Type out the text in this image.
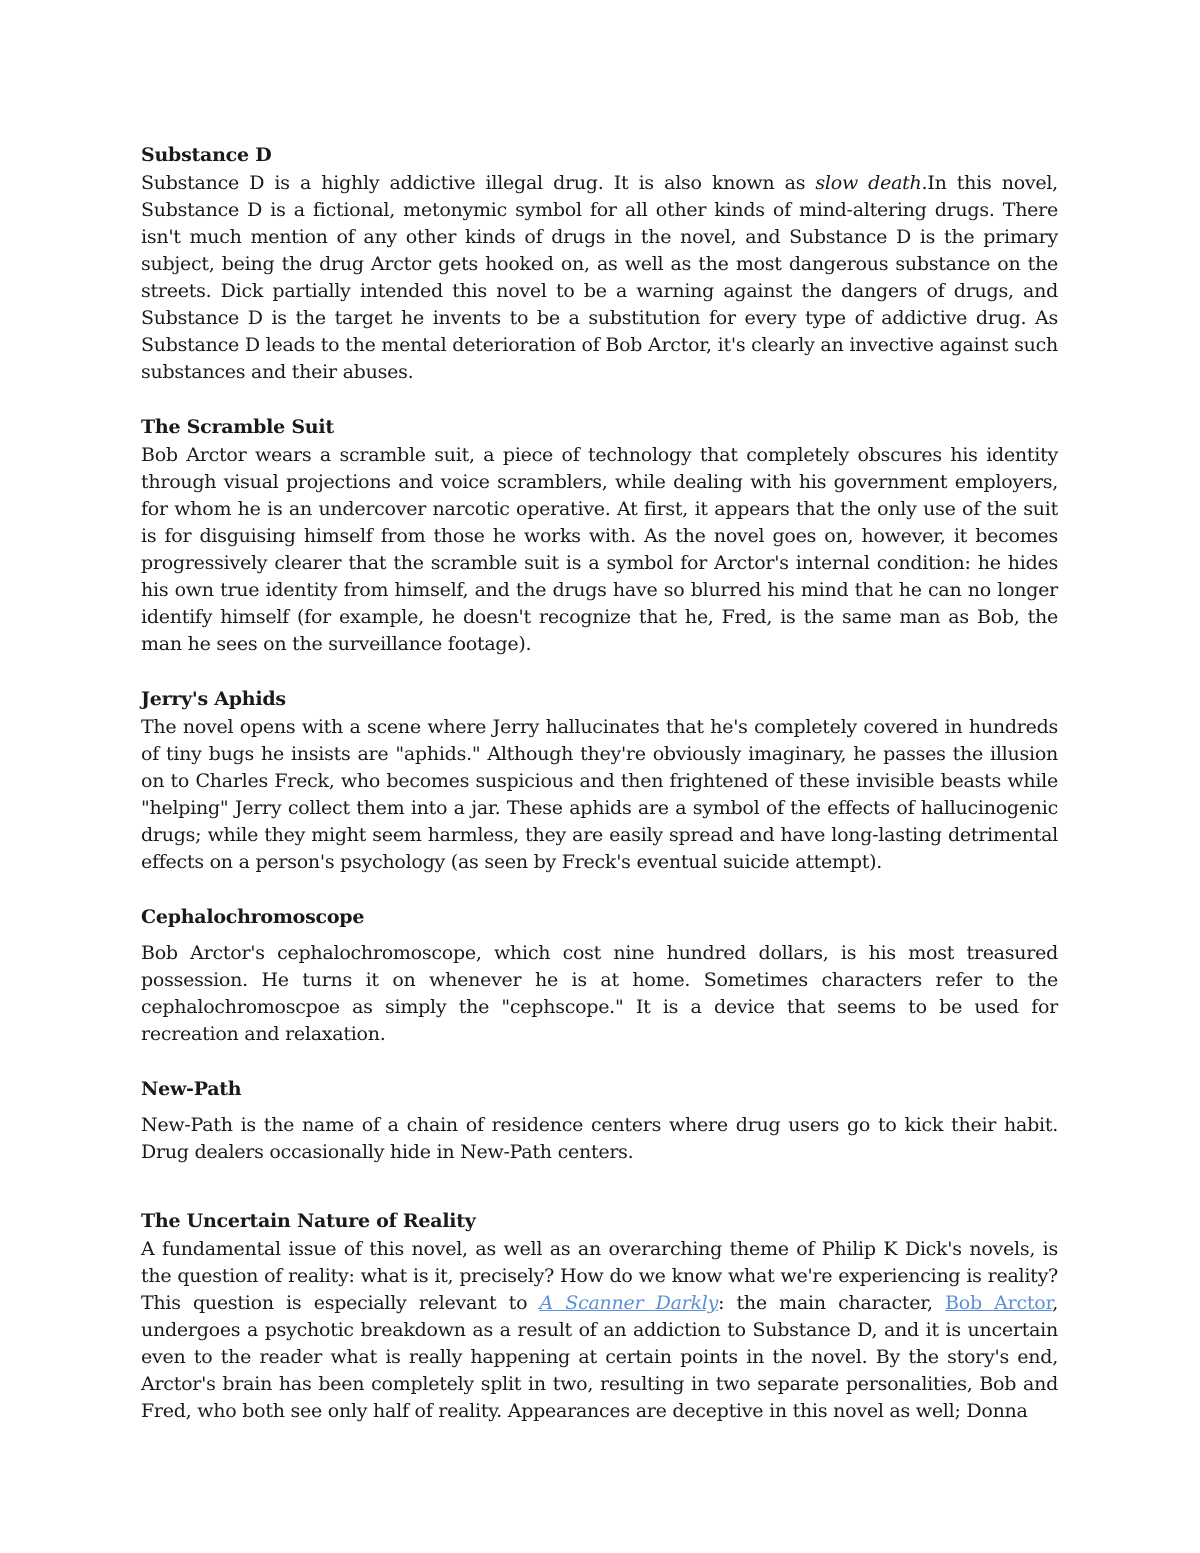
Substance D

Substance D is a highly addictive illegal drug. It is also known as slow death.In this novel, Substance D is a fictional, metonymic symbol for all other kinds of mind-altering drugs. There isn't much mention of any other kinds of drugs in the novel, and Substance D is the primary subject, being the drug Arctor gets hooked on, as well as the most dangerous substance on the streets. Dick partially intended this novel to be a warning against the dangers of drugs, and Substance D is the target he invents to be a substitution for every type of addictive drug. As Substance D leads to the mental deterioration of Bob Arctor, it's clearly an invective against such substances and their abuses.

The Scramble Suit

Bob Arctor wears a scramble suit, a piece of technology that completely obscures his identity through visual projections and voice scramblers, while dealing with his government employers, for whom he is an undercover narcotic operative. At first, it appears that the only use of the suit is for disguising himself from those he works with. As the novel goes on, however, it becomes progressively clearer that the scramble suit is a symbol for Arctor's internal condition: he hides his own true identity from himself, and the drugs have so blurred his mind that he can no longer identify himself (for example, he doesn't recognize that he, Fred, is the same man as Bob, the man he sees on the surveillance footage).

Jerry's Aphids

The novel opens with a scene where Jerry hallucinates that he's completely covered in hundreds of tiny bugs he insists are "aphids." Although they're obviously imaginary, he passes the illusion on to Charles Freck, who becomes suspicious and then frightened of these invisible beasts while "helping" Jerry collect them into a jar. These aphids are a symbol of the effects of hallucinogenic drugs; while they might seem harmless, they are easily spread and have long-lasting detrimental effects on a person's psychology (as seen by Freck's eventual suicide attempt).

Cephalochromoscope

Bob Arctor's cephalochromoscope, which cost nine hundred dollars, is his most treasured possession. He turns it on whenever he is at home. Sometimes characters refer to the cephalochromoscpoe as simply the "cephscope." It is a device that seems to be used for recreation and relaxation.

New-Path

New-Path is the name of a chain of residence centers where drug users go to kick their habit. Drug dealers occasionally hide in New-Path centers.

The Uncertain Nature of Reality

A fundamental issue of this novel, as well as an overarching theme of Philip K Dick's novels, is the question of reality: what is it, precisely? How do we know what we're experiencing is reality? This question is especially relevant to A Scanner Darkly: the main character, Bob Arctor, undergoes a psychotic breakdown as a result of an addiction to Substance D, and it is uncertain even to the reader what is really happening at certain points in the novel. By the story's end, Arctor's brain has been completely split in two, resulting in two separate personalities, Bob and Fred, who both see only half of reality. Appearances are deceptive in this novel as well; Donna
